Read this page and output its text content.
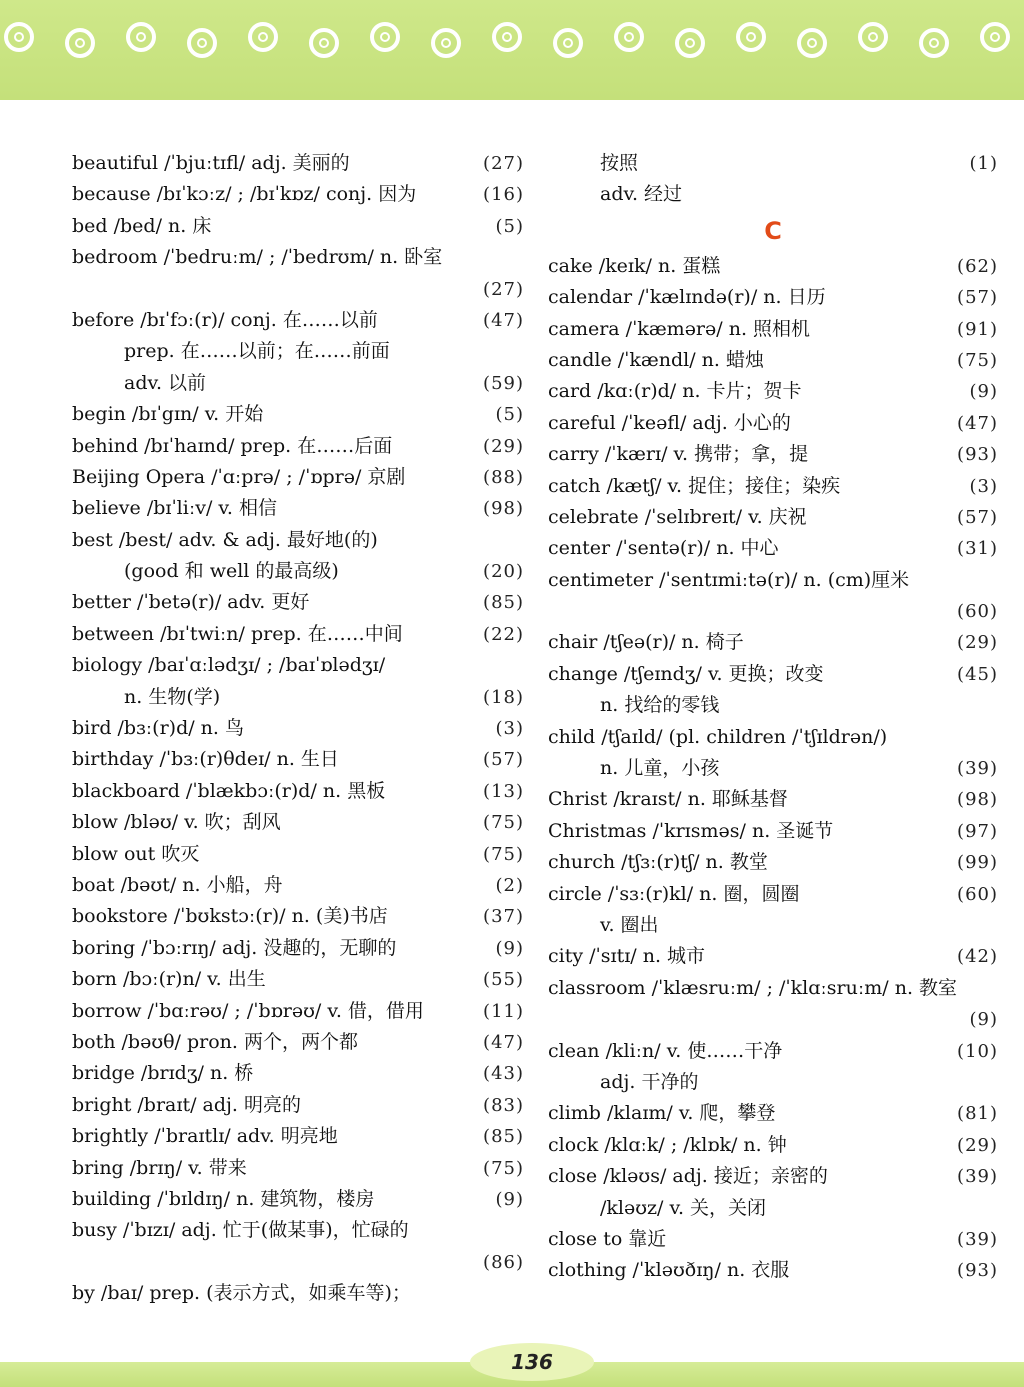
beautiful /ˈbjuːtɪfl/ adj. 美丽的	(27)
because /bɪˈkɔːz/ ; /bɪˈkɒz/ conj. 因为	(16)
bed /bed/ n. 床	(5)
bedroom /ˈbedruːm/ ; /ˈbedrʊm/ n. 卧室
(27)
before /bɪˈfɔː(r)/ conj. 在……以前	(47)
prep. 在……以前；在……前面
adv. 以前	(59)
begin /bɪˈgɪn/ v. 开始	(5)
behind /bɪˈhaɪnd/ prep. 在……后面	(29)
Beijing Opera /ˈɑːprə/ ; /ˈɒprə/ 京剧	(88)
believe /bɪˈliːv/ v. 相信	(98)
best /best/ adv. & adj. 最好地(的)
(good 和 well 的最高级)	(20)
better /ˈbetə(r)/ adv. 更好	(85)
between /bɪˈtwiːn/ prep. 在……中间	(22)
biology /baɪˈɑːlədʒɪ/ ; /baɪˈɒlədʒɪ/
n. 生物(学)	(18)
bird /bɜː(r)d/ n. 鸟	(3)
birthday /ˈbɜː(r)θdeɪ/ n. 生日	(57)
blackboard /ˈblækbɔː(r)d/ n. 黑板	(13)
blow /bləʊ/ v. 吹；刮风	(75)
blow out 吹灭	(75)
boat /bəʊt/ n. 小船，舟	(2)
bookstore /ˈbʊkstɔː(r)/ n. (美)书店	(37)
boring /ˈbɔːrɪŋ/ adj. 没趣的，无聊的	(9)
born /bɔː(r)n/ v. 出生	(55)
borrow /ˈbɑːrəʊ/ ; /ˈbɒrəʊ/ v. 借，借用	(11)
both /bəʊθ/ pron. 两个，两个都	(47)
bridge /brɪdʒ/ n. 桥	(43)
bright /braɪt/ adj. 明亮的	(83)
brightly /ˈbraɪtlɪ/ adv. 明亮地	(85)
bring /brɪŋ/ v. 带来	(75)
building /ˈbɪldɪŋ/ n. 建筑物，楼房	(9)
busy /ˈbɪzɪ/ adj. 忙于(做某事)，忙碌的
(86)
by /baɪ/ prep. (表示方式，如乘车等)；
按照	(1)
adv. 经过
C
cake /keɪk/ n. 蛋糕	(62)
calendar /ˈkælɪndə(r)/ n. 日历	(57)
camera /ˈkæmərə/ n. 照相机	(91)
candle /ˈkændl/ n. 蜡烛	(75)
card /kɑː(r)d/ n. 卡片；贺卡	(9)
careful /ˈkeəfl/ adj. 小心的	(47)
carry /ˈkærɪ/ v. 携带；拿，提	(93)
catch /kætʃ/ v. 捉住；接住；染疾	(3)
celebrate /ˈselɪbreɪt/ v. 庆祝	(57)
center /ˈsentə(r)/ n. 中心	(31)
centimeter /ˈsentɪmiːtə(r)/ n. (cm)厘米
(60)
chair /tʃeə(r)/ n. 椅子	(29)
change /tʃeɪndʒ/ v. 更换；改变	(45)
n. 找给的零钱
child /tʃaɪld/ (pl. children /ˈtʃɪldrən/)
n. 儿童，小孩	(39)
Christ /kraɪst/ n. 耶稣基督	(98)
Christmas /ˈkrɪsməs/ n. 圣诞节	(97)
church /tʃɜː(r)tʃ/ n. 教堂	(99)
circle /ˈsɜː(r)kl/ n. 圈，圆圈	(60)
v. 圈出
city /ˈsɪtɪ/ n. 城市	(42)
classroom /ˈklæsruːm/ ; /ˈklɑːsruːm/ n. 教室
(9)
clean /kliːn/ v. 使……干净	(10)
adj. 干净的
climb /klaɪm/ v. 爬，攀登	(81)
clock /klɑːk/ ; /klɒk/ n. 钟	(29)
close /kləʊs/ adj. 接近；亲密的	(39)
/kləʊz/ v. 关，关闭
close to 靠近	(39)
clothing /ˈkləʊðɪŋ/ n. 衣服	(93)
136
